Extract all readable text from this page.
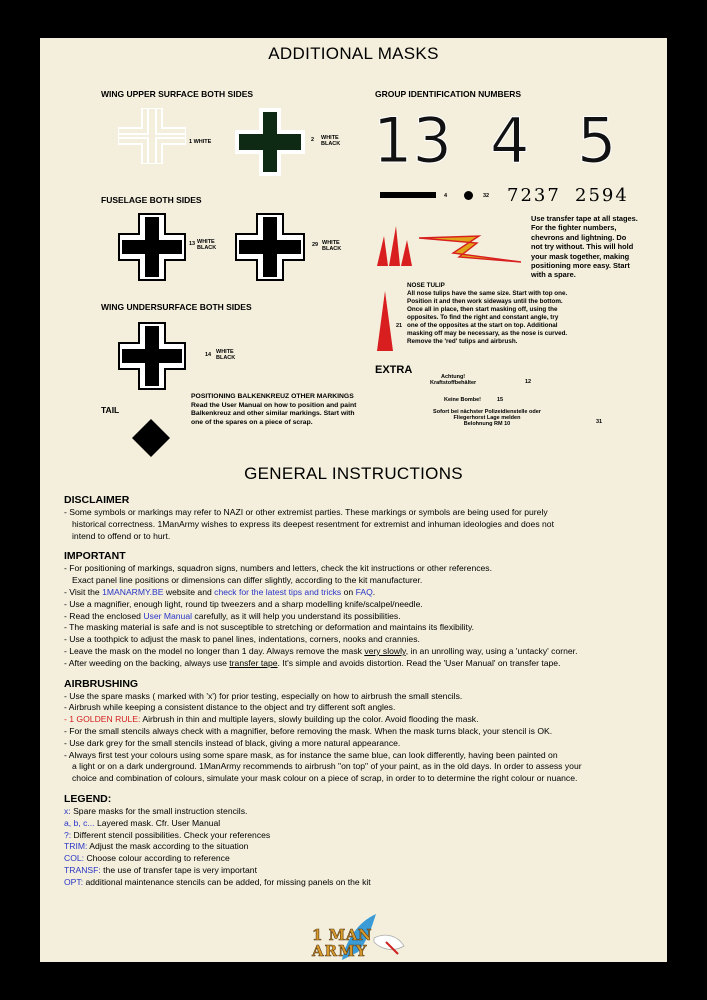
ADDITIONAL MASKS
WING UPPER SURFACE BOTH SIDES
FUSELAGE BOTH SIDES
WING UNDERSURFACE BOTH SIDES
TAIL
1 WHITE	2 WHITE
BLACK
13 WHITE
BLACK	29 WHITE
BLACK
14 WHITE
BLACK
POSITIONING BALKENKREUZ OTHER MARKINGS
Read the User Manual on how to position and paint
Balkenkreuz and other similar markings. Start with
one of the spares on a piece of scrap.
GROUP IDENTIFICATION NUMBERS
13 4 5
4	32 7237 2594
Use transfer tape at all stages.
For the fighter numbers,
chevrons and lightning. Do
not try without. This will hold
your mask together, making
positioning more easy. Start
with a spare.
21
NOSE TULIP
All nose tulips have the same size. Start with top one.
Position it and then work sideways until the bottom.
Once all in place, then start masking off, using the
opposites. To find the right and constant angle, try
one of the opposites at the start on top. Additional
masking off may be necessary, as the nose is curved.
Remove the 'red' tulips and airbrush.
EXTRA
Achtung!
Kraftstoffbehälter	12
Keine Bombe!	15
Sofort bei nächster Polizeidienstelle oder
Fliegerhorst Lage melden
Belohnung RM 10	31
GENERAL INSTRUCTIONS
DISCLAIMER
- Some symbols or markings may refer to NAZI or other extremist parties. These markings or symbols are being used for purely
historical correctness. 1ManArmy wishes to express its deepest resentment for extremist and inhuman ideologies and does not
intend to offend or to hurt.
IMPORTANT
- For positioning of markings, squadron signs, numbers and letters, check the kit instructions or other references.
Exact panel line positions or dimensions can differ slightly, according to the kit manufacturer.
- Visit the 1MANARMY.BE website and check for the latest tips and tricks on FAQ.
- Use a magnifier, enough light, round tip tweezers and a sharp modelling knife/scalpel/needle.
- Read the enclosed User Manual carefully, as it will help you understand its possibilities.
- The masking material is safe and is not susceptible to stretching or deformation and maintains its flexibility.
- Use a toothpick to adjust the mask to panel lines, indentations, corners, nooks and crannies.
- Leave the mask on the model no longer than 1 day. Always remove the mask very slowly, in an unrolling way, using a 'untacky' corner.
- After weeding on the backing, always use transfer tape. It's simple and avoids distortion. Read the 'User Manual' on transfer tape.
AIRBRUSHING
- Use the spare masks ( marked with 'x') for prior testing, especially on how to airbrush the small stencils.
- Airbrush while keeping a consistent distance to the object and try different soft angles.
- 1 GOLDEN RULE: Airbrush in thin and multiple layers, slowly building up the color. Avoid flooding the mask.
- For the small stencils always check with a magnifier, before removing the mask. When the mask turns black, your stencil is OK.
- Use dark grey for the small stencils instead of black, giving a more natural appearance.
- Always first test your colours using some spare mask, as for instance the same blue, can look differently, having been painted on
a light or on a dark underground. 1ManArmy recommends to airbrush "on top" of your paint, as in the old days. In order to assess your
choice and combination of colours, simulate your mask colour on a piece of scrap, in order to to determine the right colour or nuance.
LEGEND:
x: Spare masks for the small instruction stencils.
a, b, c... Layered mask. Cfr. User Manual
?: Different stencil possibilities. Check your references
TRIM: Adjust the mask according to the situation
COL: Choose colour according to reference
TRANSF: the use of transfer tape is very important
OPT: additional maintenance stencils can be added, for missing panels on the kit
1 MAN
ARMY
